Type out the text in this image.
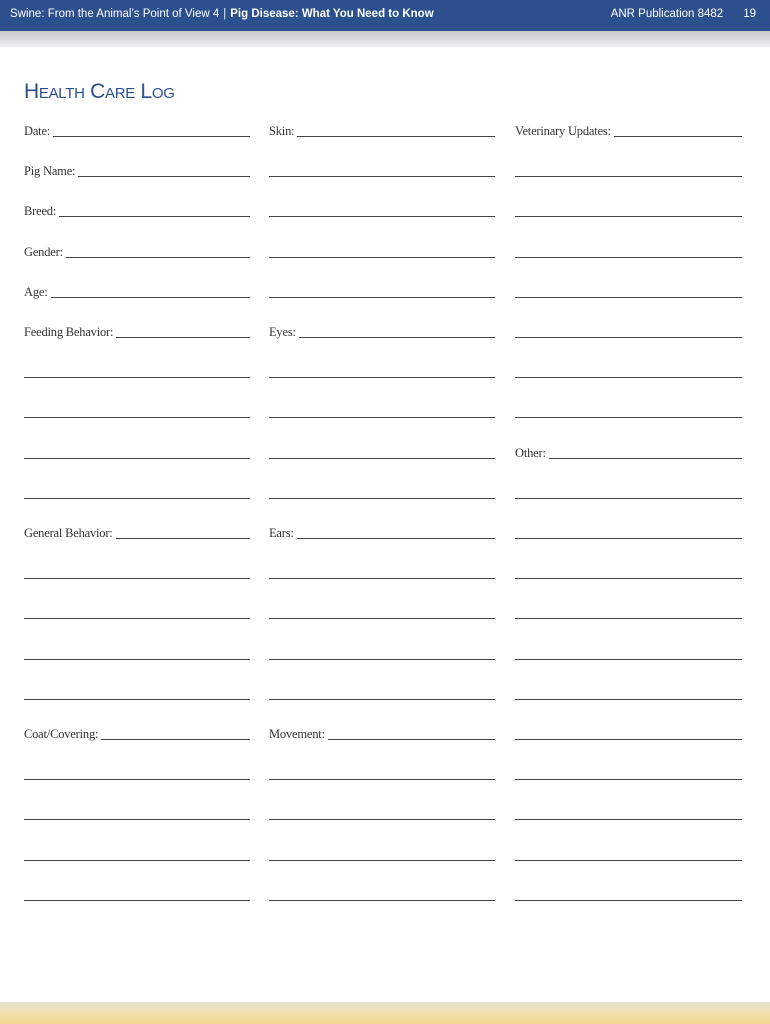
Swine: From the Animal’s Point of View 4 | Pig Disease: What You Need to Know	ANR Publication 8482 19
Health Care Log
Date:
Pig Name:
Breed:
Gender:
Age:
Feeding Behavior:
General Behavior:
Coat/Covering:
Skin:
Eyes:
Ears:
Movement:
Veterinary Updates:
Other:
